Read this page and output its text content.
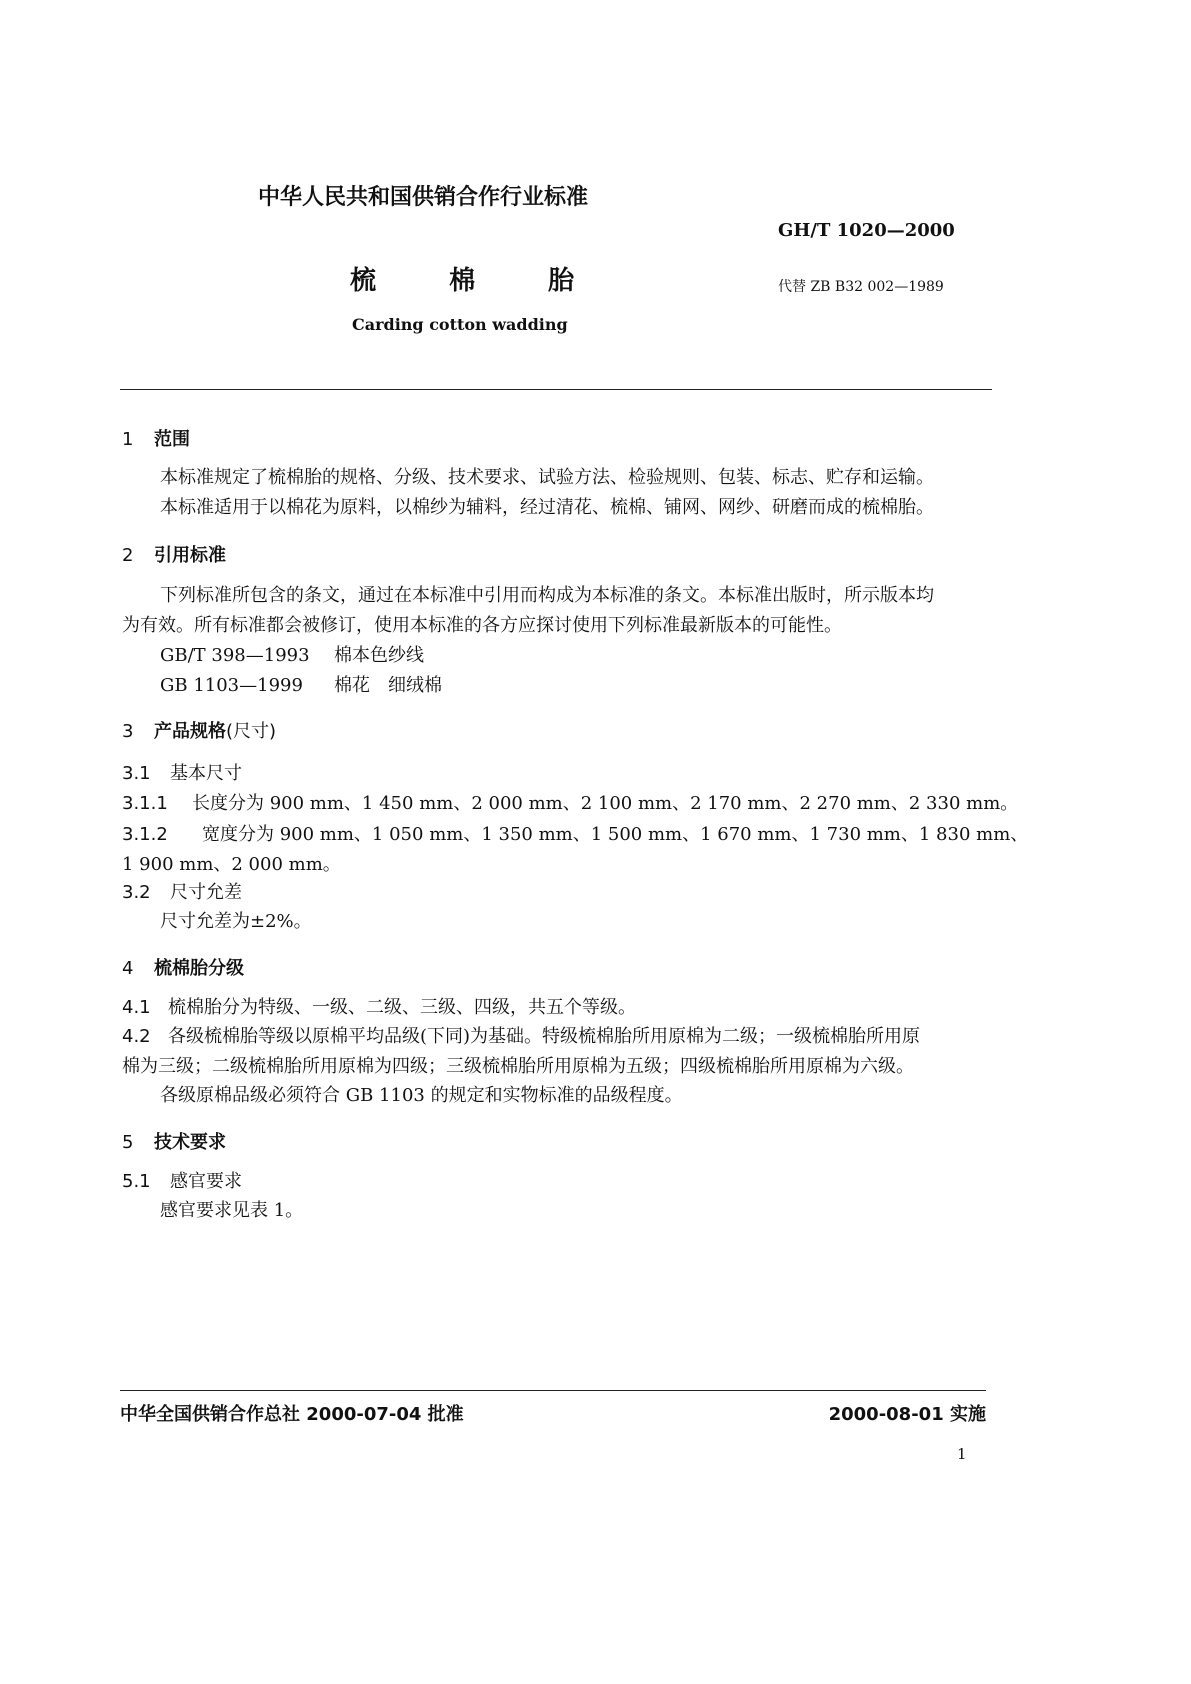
中华人民共和国供销合作行业标准
GH/T 1020—2000
梳	棉	胎	代替 ZB B32 002—1989
Carding cotton wadding
1 范围
本标准规定了梳棉胎的规格、分级、技术要求、试验方法、检验规则、包装、标志、贮存和运输。
本标准适用于以棉花为原料，以棉纱为辅料，经过清花、梳棉、铺网、网纱、研磨而成的梳棉胎。
2 引用标准
下列标准所包含的条文，通过在本标准中引用而构成为本标准的条文。本标准出版时，所示版本均
为有效。所有标准都会被修订，使用本标准的各方应探讨使用下列标准最新版本的可能性。
GB/T 398—1993 棉本色纱线
GB 1103—1999 棉花　细绒棉
3 产品规格(尺寸)
3.1 基本尺寸
3.1.1 长度分为 900 mm、1 450 mm、2 000 mm、2 100 mm、2 170 mm、2 270 mm、2 330 mm。
3.1.2 宽度分为 900 mm、1 050 mm、1 350 mm、1 500 mm、1 670 mm、1 730 mm、1 830 mm、
1 900 mm、2 000 mm。
3.2 尺寸允差
尺寸允差为±2%。
4 梳棉胎分级
4.1 梳棉胎分为特级、一级、二级、三级、四级，共五个等级。
4.2 各级梳棉胎等级以原棉平均品级(下同)为基础。特级梳棉胎所用原棉为二级；一级梳棉胎所用原
棉为三级；二级梳棉胎所用原棉为四级；三级梳棉胎所用原棉为五级；四级梳棉胎所用原棉为六级。
各级原棉品级必须符合 GB 1103 的规定和实物标准的品级程度。
5 技术要求
5.1 感官要求
感官要求见表 1。
中华全国供销合作总社 2000-07-04 批准	2000-08-01 实施
1
